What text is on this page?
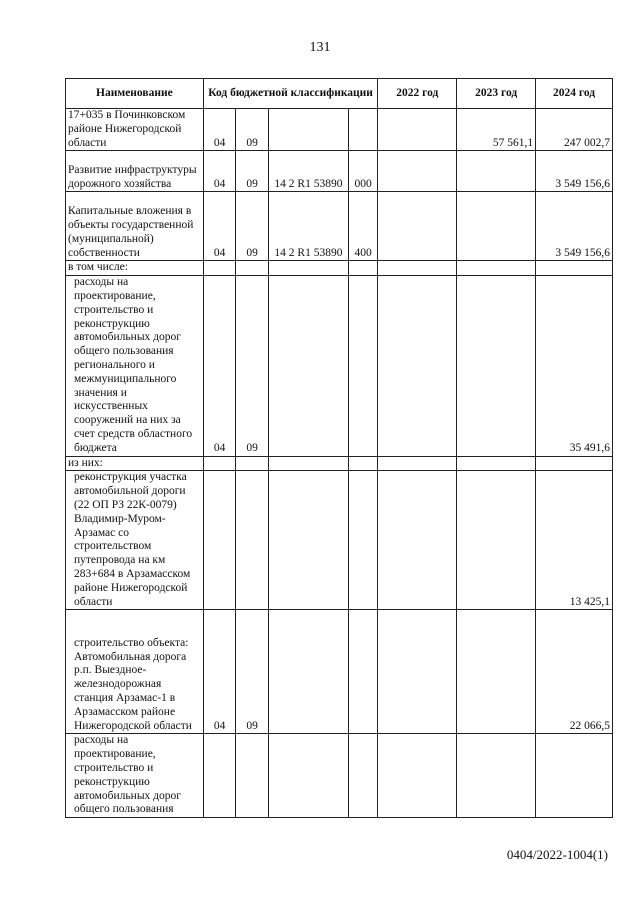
131
Наименование	Код бюджетной классификации				2022 год	2023 год	2024 год
17+035 в Починковском районе Нижегородской области	04	09				57 561,1	247 002,7
Развитие инфраструктуры дорожного хозяйства	04	09	14 2 R1 53890	000			3 549 156,6
Капитальные вложения в объекты государственной (муниципальной) собственности	04	09	14 2 R1 53890	400			3 549 156,6
в том числе:							
расходы на проектирование, строительство и реконструкцию автомобильных дорог общего пользования регионального и межмуниципального значения и искусственных сооружений на них за счет средств областного бюджета	04	09					35 491,6
из них:							
реконструкция участка автомобильной дороги (22 ОП РЗ 22К-0079) Владимир-Муром-Арзамас со строительством путепровода на км 283+684 в Арзамасском районе Нижегородской области							13 425,1
строительство объекта: Автомобильная дорога р.п. Выездное-железнодорожная станция Арзамас-1 в Арзамасском районе Нижегородской области	04	09					22 066,5
расходы на проектирование, строительство и реконструкцию автомобильных дорог общего пользования							
0404/2022-1004(1)
